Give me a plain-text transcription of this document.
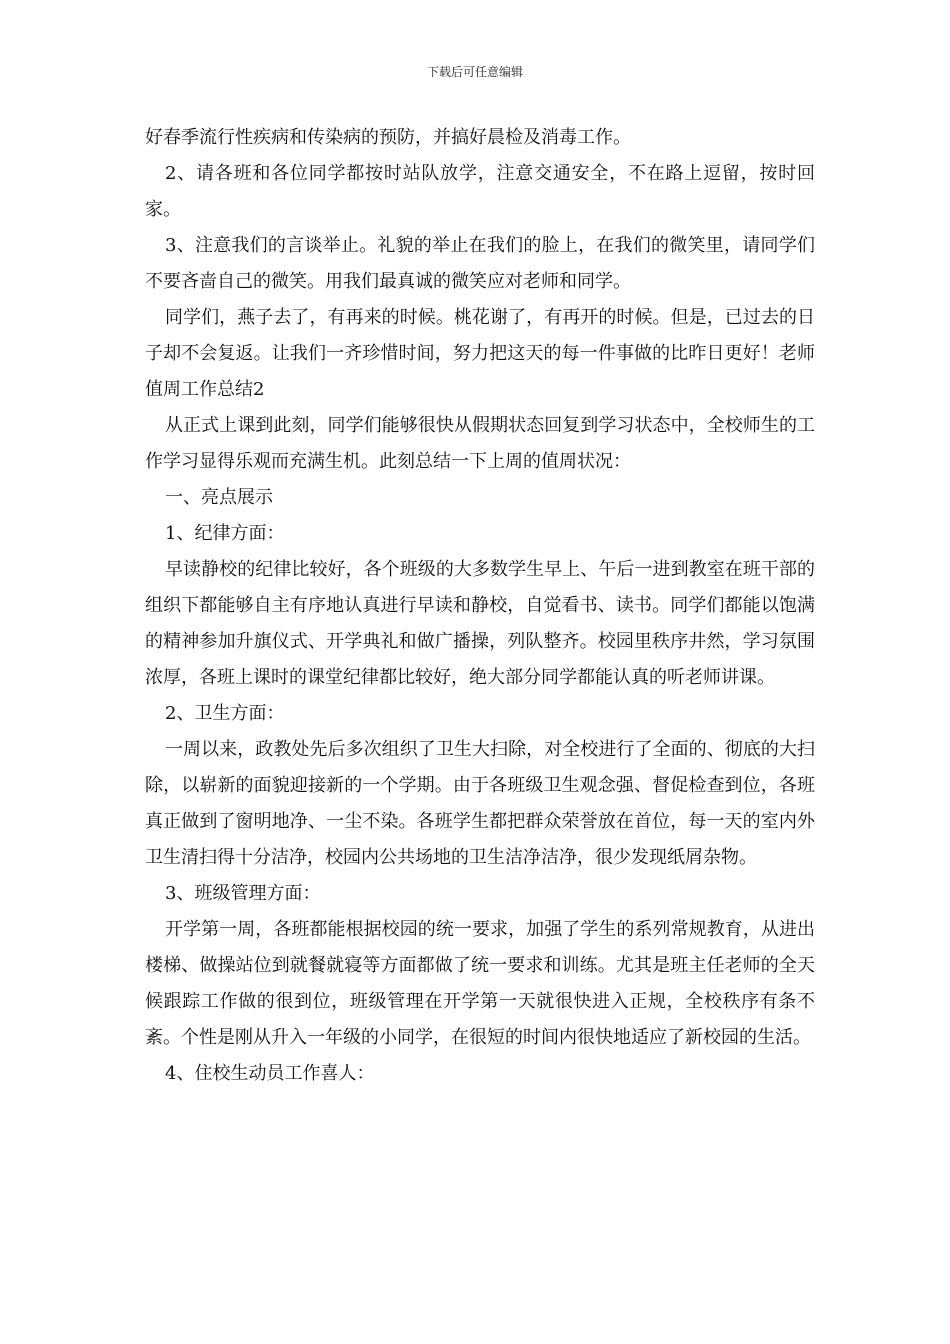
下载后可任意编辑

好春季流行性疾病和传染病的预防，并搞好晨检及消毒工作。

2、请各班和各位同学都按时站队放学，注意交通安全，不在路上逗留，按时回家。

3、注意我们的言谈举止。礼貌的举止在我们的脸上，在我们的微笑里，请同学们不要吝啬自己的微笑。用我们最真诚的微笑应对老师和同学。

同学们，燕子去了，有再来的时候。桃花谢了，有再开的时候。但是，已过去的日子却不会复返。让我们一齐珍惜时间，努力把这天的每一件事做的比昨日更好！老师值周工作总结2

从正式上课到此刻，同学们能够很快从假期状态回复到学习状态中，全校师生的工作学习显得乐观而充满生机。此刻总结一下上周的值周状况：

一、亮点展示

1、纪律方面：

早读静校的纪律比较好，各个班级的大多数学生早上、午后一进到教室在班干部的组织下都能够自主有序地认真进行早读和静校，自觉看书、读书。同学们都能以饱满的精神参加升旗仪式、开学典礼和做广播操，列队整齐。校园里秩序井然，学习氛围浓厚，各班上课时的课堂纪律都比较好，绝大部分同学都能认真的听老师讲课。

2、卫生方面：

一周以来，政教处先后多次组织了卫生大扫除，对全校进行了全面的、彻底的大扫除，以崭新的面貌迎接新的一个学期。由于各班级卫生观念强、督促检查到位，各班真正做到了窗明地净、一尘不染。各班学生都把群众荣誉放在首位，每一天的室内外卫生清扫得十分洁净，校园内公共场地的卫生洁净洁净，很少发现纸屑杂物。

3、班级管理方面：

开学第一周，各班都能根据校园的统一要求，加强了学生的系列常规教育，从进出楼梯、做操站位到就餐就寝等方面都做了统一要求和训练。尤其是班主任老师的全天候跟踪工作做的很到位，班级管理在开学第一天就很快进入正规，全校秩序有条不紊。个性是刚从升入一年级的小同学，在很短的时间内很快地适应了新校园的生活。

4、住校生动员工作喜人：
